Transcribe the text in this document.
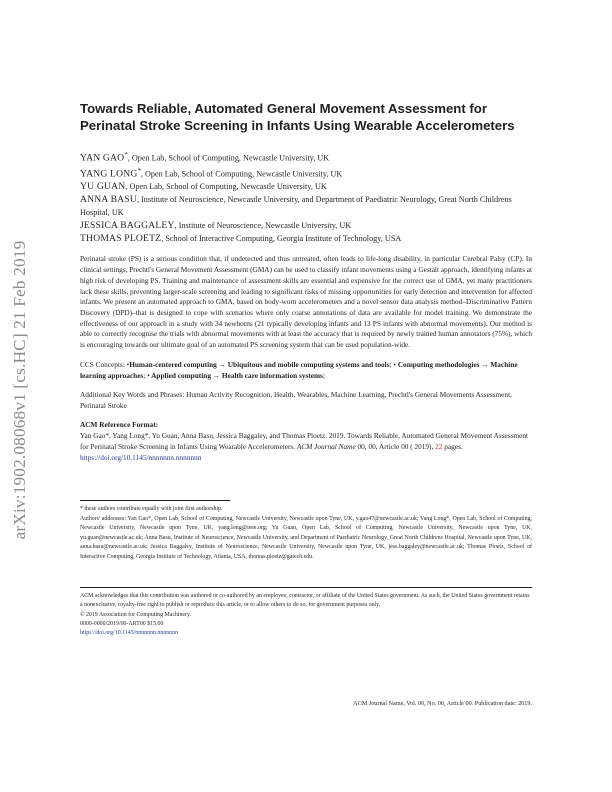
arXiv:1902.08068v1 [cs.HC] 21 Feb 2019
Towards Reliable, Automated General Movement Assessment for
Perinatal Stroke Screening in Infants Using Wearable Accelerometers
YAN GAO*, Open Lab, School of Computing, Newcastle University, UK
YANG LONG*, Open Lab, School of Computing, Newcastle University, UK
YU GUAN, Open Lab, School of Computing, Newcastle University, UK
ANNA BASU, Institute of Neuroscience, Newcastle University, and Department of Paediatric Neurology, Great North Childrens Hospital, UK
JESSICA BAGGALEY, Institute of Neuroscience, Newcastle University, UK
THOMAS PLOETZ, School of Interactive Computing, Georgia Institute of Technology, USA
Perinatal stroke (PS) is a serious condition that, if undetected and thus untreated, often leads to life-long disability, in particular Cerebral Palsy (CP). In clinical settings, Prechtl's General Movement Assessment (GMA) can be used to classify infant movements using a Gestalt approach, identifying infants at high risk of developing PS. Training and maintenance of assessment skills are essential and expensive for the correct use of GMA, yet many practitioners lack these skills, preventing larger-scale screening and leading to significant risks of missing opportunities for early detection and intervention for affected infants. We present an automated approach to GMA, based on body-worn accelerometers and a novel sensor data analysis method–Discriminative Pattern Discovery (DPD)–that is designed to cope with scenarios where only coarse annotations of data are available for model training. We demonstrate the effectiveness of our approach in a study with 34 newborns (21 typically developing infants and 13 PS infants with abnormal movements). Our method is able to correctly recognise the trials with abnormal movements with at least the accuracy that is required by newly trained human annotators (75%), which is encouraging towards our ultimate goal of an automated PS screening system that can be used population-wide.
CCS Concepts: •Human-centered computing → Ubiquitous and mobile computing systems and tools; • Computing methodologies → Machine learning approaches; • Applied computing → Health care information systems;
Additional Key Words and Phrases: Human Activity Recognition, Health, Wearables, Machine Learning, Prechtl's General Movements Assessment, Perinatal Stroke
ACM Reference Format:
Yan Gao*, Yang Long*, Yu Guan, Anna Basu, Jessica Baggaley, and Thomas Ploetz. 2019. Towards Reliable, Automated General Movement Assessment for Perinatal Stroke Screening in Infants Using Wearable Accelerometers. ACM Journal Name 00, 00, Article 00 ( 2019), 22 pages. https://doi.org/10.1145/nnnnnnn.nnnnnnn
* these authors contribute equally with joint first authorship.
Authors' addresses: Yan Gao*, Open Lab, School of Computing, Newcastle University, Newcastle upon Tyne, UK, y.gao47@newcastle.ac.uk; Yang Long*, Open Lab, School of Computing, Newcastle University, Newcastle upon Tyne, UK, yang.long@ieee.org; Yu Guan, Open Lab, School of Computing, Newcastle University, Newcastle upon Tyne, UK, yu.guan@newcastle.ac.uk; Anna Basu, Institute of Neuroscience, Newcastle University, and Department of Paediatric Neurology, Great North Childrens Hospital, Newcastle upon Tyne, UK, anna.basu@newcastle.ac.uk; Jessica Baggaley, Institute of Neuroscience, Newcastle University, Newcastle upon Tyne, UK, jess.baggaley@newcastle.ac.uk; Thomas Ploetz, School of Interactive Computing, Georgia Institute of Technology, Atlanta, USA, thomas.ploetz@gatech.edu.
ACM acknowledges that this contribution was authored or co-authored by an employee, contractor, or affiliate of the United States government. As such, the United States government retains a nonexclusive, royalty-free right to publish or reproduce this article, or to allow others to do so, for government purposes only.
© 2019 Association for Computing Machinery.
0000-0000/2019/00-ART00 $15.00
https://doi.org/10.1145/nnnnnnn.nnnnnnn
ACM Journal Name, Vol. 00, No. 00, Article 00. Publication date: 2019.
